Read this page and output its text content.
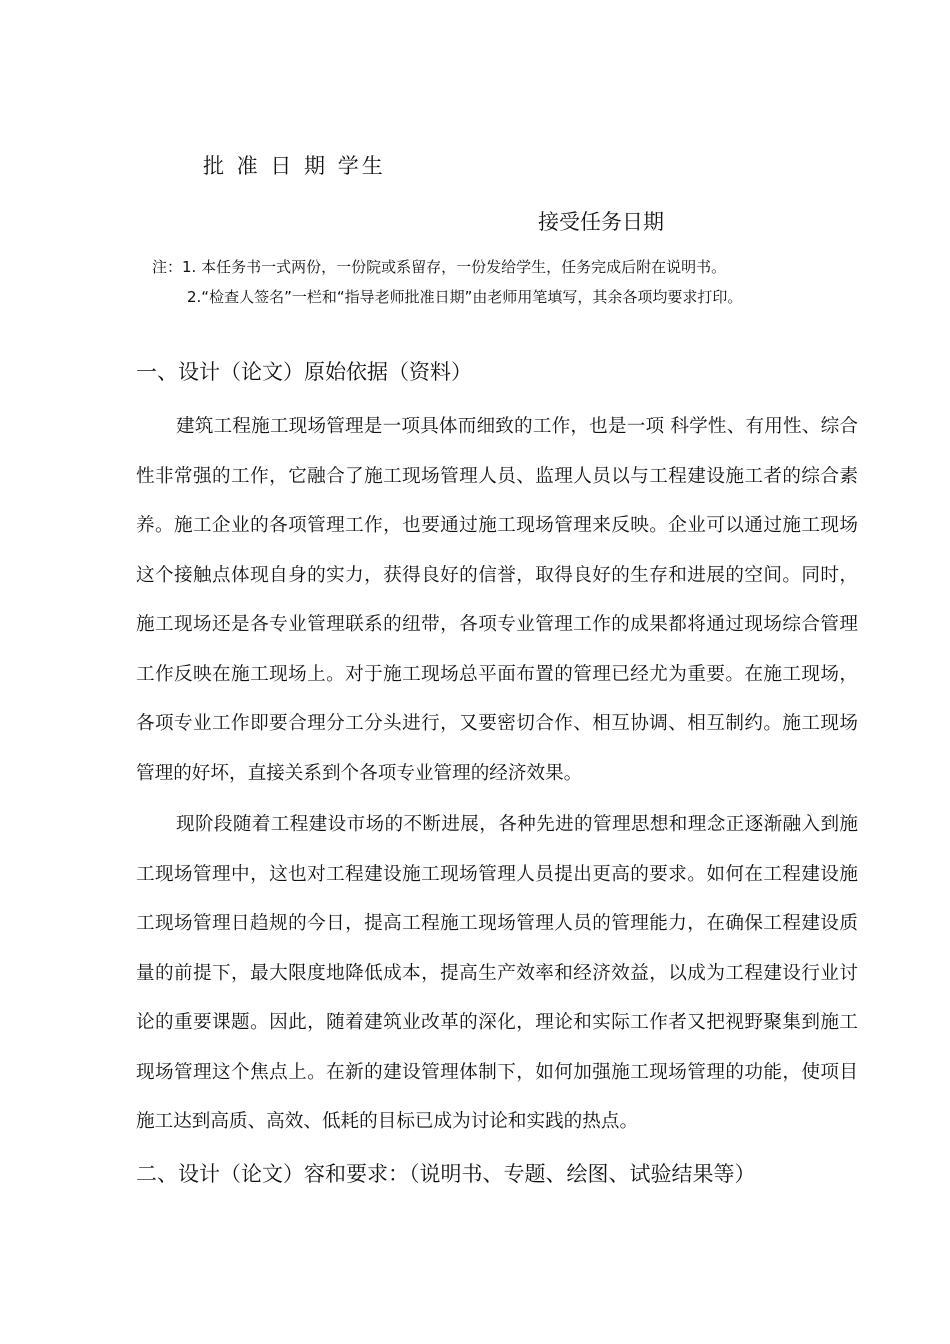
批 准 日 期 学生
接受任务日期
注：1. 本任务书一式两份，一份院或系留存，一份发给学生，任务完成后附在说明书。
2.“检查人签名”一栏和“指导老师批准日期”由老师用笔填写，其余各项均要求打印。
一、设计（论文）原始依据（资料）

建筑工程施工现场管理是一项具体而细致的工作，也是一项 科学性、有用性、综合性非常强的工作，它融合了施工现场管理人员、监理人员以与工程建设施工者的综合素养。施工企业的各项管理工作，也要通过施工现场管理来反映。企业可以通过施工现场这个接触点体现自身的实力，获得良好的信誉，取得良好的生存和进展的空间。同时，施工现场还是各专业管理联系的纽带，各项专业管理工作的成果都将通过现场综合管理工作反映在施工现场上。对于施工现场总平面布置的管理已经尤为重要。在施工现场，各项专业工作即要合理分工分头进行，又要密切合作、相互协调、相互制约。施工现场管理的好坏，直接关系到个各项专业管理的经济效果。

现阶段随着工程建设市场的不断进展，各种先进的管理思想和理念正逐渐融入到施工现场管理中，这也对工程建设施工现场管理人员提出更高的要求。如何在工程建设施工现场管理日趋规的今日，提高工程施工现场管理人员的管理能力，在确保工程建设质量的前提下，最大限度地降低成本，提高生产效率和经济效益，以成为工程建设行业讨论的重要课题。因此，随着建筑业改革的深化，理论和实际工作者又把视野聚集到施工现场管理这个焦点上。在新的建设管理体制下，如何加强施工现场管理的功能，使项目施工达到高质、高效、低耗的目标已成为讨论和实践的热点。

二、设计（论文）容和要求：（说明书、专题、绘图、试验结果等）
